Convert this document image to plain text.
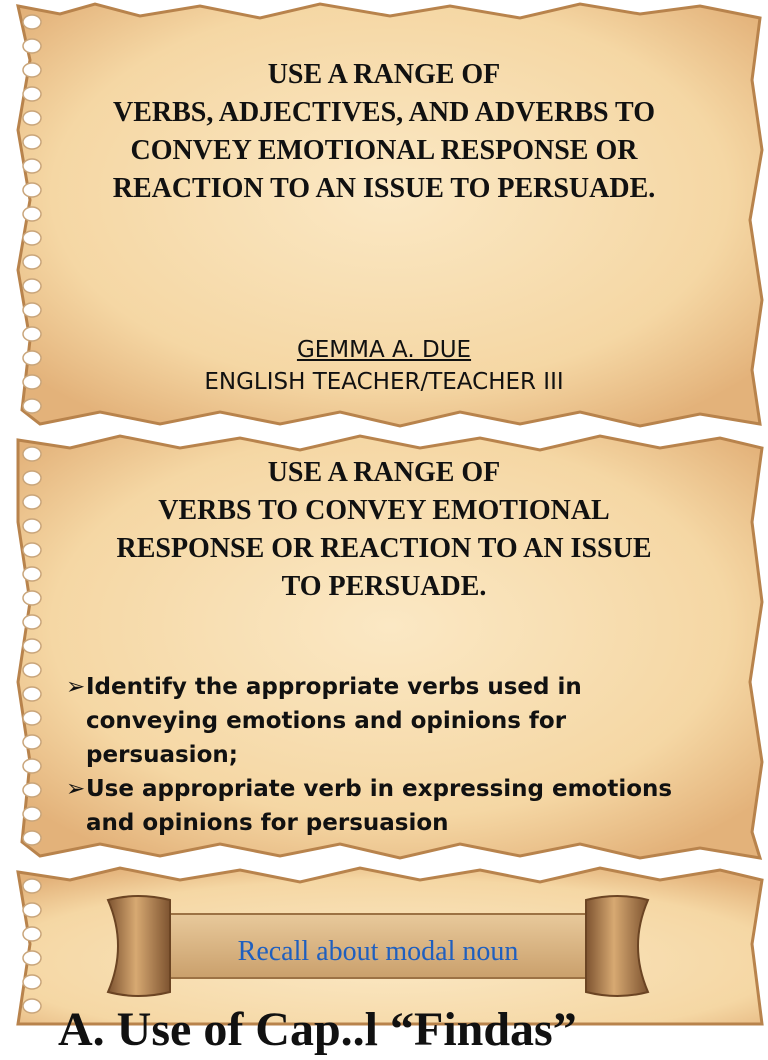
USE A RANGE OF
VERBS, ADJECTIVES, AND ADVERBS TO
CONVEY EMOTIONAL RESPONSE OR
REACTION TO AN ISSUE TO PERSUADE.
GEMMA A. DUE
ENGLISH TEACHER/TEACHER III
USE A RANGE OF
VERBS TO CONVEY EMOTIONAL
RESPONSE OR REACTION TO AN ISSUE
TO PERSUADE.
➢ Identify the appropriate verbs used in conveying emotions and opinions for persuasion;
➢ Use appropriate verb in expressing emotions and opinions for persuasion
Recall about modal noun
A. Use of Cap..l “Findas”
